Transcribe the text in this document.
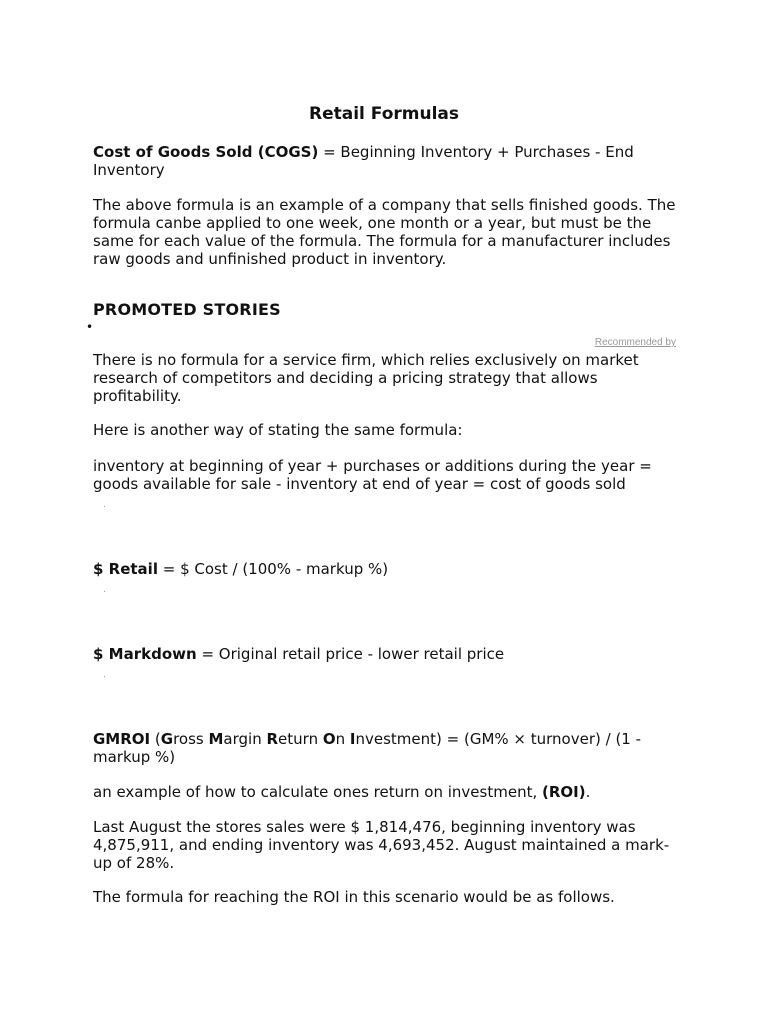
Retail Formulas

Cost of Goods Sold (COGS) = Beginning Inventory + Purchases - End Inventory

The above formula is an example of a company that sells finished goods. The formula canbe applied to one week, one month or a year, but must be the same for each value of the formula. The formula for a manufacturer includes raw goods and unfinished product in inventory.

PROMOTED STORIES
•
Recommended by

There is no formula for a service firm, which relies exclusively on market research of competitors and deciding a pricing strategy that allows profitability.

Here is another way of stating the same formula:

inventory at beginning of year + purchases or additions during the year = goods available for sale - inventory at end of year = cost of goods sold

.

$ Retail = $ Cost / (100% - markup %)

.

$ Markdown = Original retail price - lower retail price

.

GMROI (Gross Margin Return On Investment) = (GM% × turnover) / (1 - markup %)

an example of how to calculate ones return on investment, (ROI).

Last August the stores sales were $ 1,814,476, beginning inventory was 4,875,911, and ending inventory was 4,693,452. August maintained a mark-up of 28%.

The formula for reaching the ROI in this scenario would be as follows.
